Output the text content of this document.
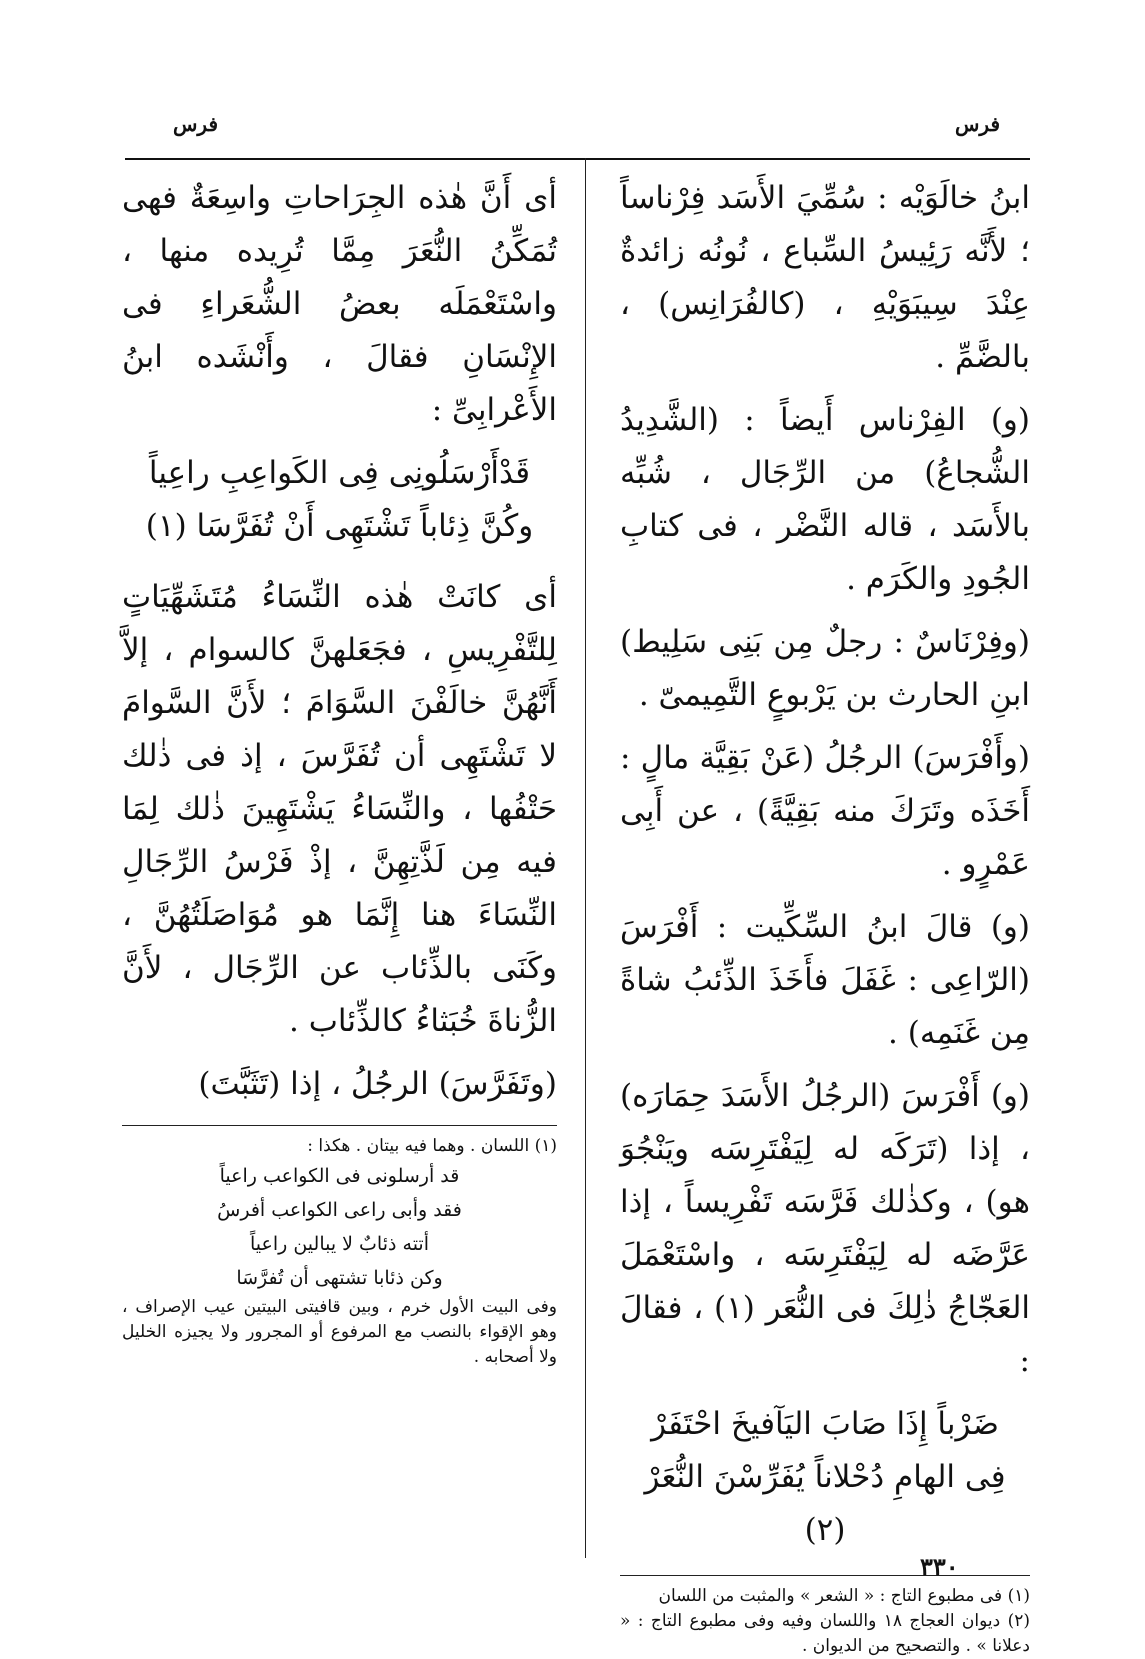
فرس
فرس

ابنُ خالَوَيْه : سُمِّيَ الأَسَد فِرْناساً ؛ لأَنَّه رَئِيسُ السِّباع ، نُونُه زائدةٌ عِنْدَ سِيبَوَيْهِ ، (كالفُرَانِس) ، بالضَّمِّ .

(و) الفِرْناس أَيضاً : (الشَّدِيدُ الشُّجاعُ) من الرِّجَال ، شُبِّه بالأَسَد ، قاله النَّضْر ، فى كتابِ الجُودِ والكَرَم .

(وفِرْنَاسٌ : رجلٌ مِن بَنِى سَلِيط) ابنِ الحارث بن يَرْبوعٍ التَّمِيمىّ .

(وأَفْرَسَ) الرجُلُ (عَنْ بَقِيَّة مالٍ : أَخَذَه وتَرَكَ منه بَقِيَّةً) ، عن أَبِى عَمْرٍو .

(و) قالَ ابنُ السِّكِّيت : أَفْرَسَ (الرّاعِى : غَفَلَ فأَخَذَ الذِّئبُ شاةً مِن غَنَمِه) .

(و) أَفْرَسَ (الرجُلُ الأَسَدَ حِمَارَه) ، إذا (تَرَكَه له لِيَفْتَرِسَه ويَنْجُوَ هو) ، وكذٰلك فَرَّسَه تَفْرِيساً ، إذا عَرَّضَه له لِيَفْتَرِسَه ، واسْتَعْمَلَ العَجّاجُ ذٰلِكَ فى النُّعَر (١) ، فقالَ :

ضَرْباً إِذَا صَابَ اليَآفيخَ احْتَفَرْ
فِى الهامِ دُحْلاناً يُفَرِّسْنَ النُّعَرْ (٢)
(١) فى مطبوع التاج : « الشعر » والمثبت من اللسان
(٢) ديوان العجاج ١٨ واللسان وفيه وفى مطبوع التاج : « دعلانا » . والتصحيح من الديوان .

أى أَنَّ هٰذه الجِرَاحاتِ واسِعَةٌ فهى تُمَكِّنُ النُّعَرَ مِمَّا تُرِيده منها ، واسْتَعْمَلَه بعضُ الشُّعَراءِ فى الإِنْسَانِ فقالَ ، وأَنْشَده ابنُ الأَعْرابِىِّ :

قَدْأَرْسَلُونِى فِى الكَواعِبِ راعِياً
وكُنَّ ذِئاباً تَشْتَهِى أَنْ تُفَرَّسَا (١)

أى كانَتْ هٰذه النِّسَاءُ مُتَشَهِّيَاتٍ لِلتَّفْرِيسِ ، فجَعَلهنَّ كالسوام ، إلاَّ أَنَّهُنَّ خالَفْنَ السَّوَامَ ؛ لأَنَّ السَّوامَ لا تَشْتَهِى أن تُفَرَّسَ ، إذ فى ذٰلك حَتْفُها ، والنِّسَاءُ يَشْتَهِينَ ذٰلك لِمَا فيه مِن لَذَّتِهِنَّ ، إذْ فَرْسُ الرِّجَالِ النِّسَاءَ هنا إِنَّمَا هو مُوَاصَلَتُهُنَّ ، وكَنَى بالذِّئاب عن الرِّجَال ، لأَنَّ الزُّناةَ خُبَثاءُ كالذِّئاب .

(وتَفَرَّسَ) الرجُلُ ، إذا (تَثَبَّتَ)

(١) اللسان . وهما فيه بيتان . هكذا :
قد أرسلونى فى الكواعب راعياً
فقد وأبى راعى الكواعب أفرسُ
أتته ذئابٌ لا يبالين راعياً
وكن ذئابا تشتهى أن تُفرَّسَا
وفى البيت الأول خرم ، وبين قافيتى البيتين عيب الإصراف ، وهو الإقواء بالنصب مع المرفوع أو المجرور ولا يجيزه الخليل ولا أصحابه .
٣٣٠
